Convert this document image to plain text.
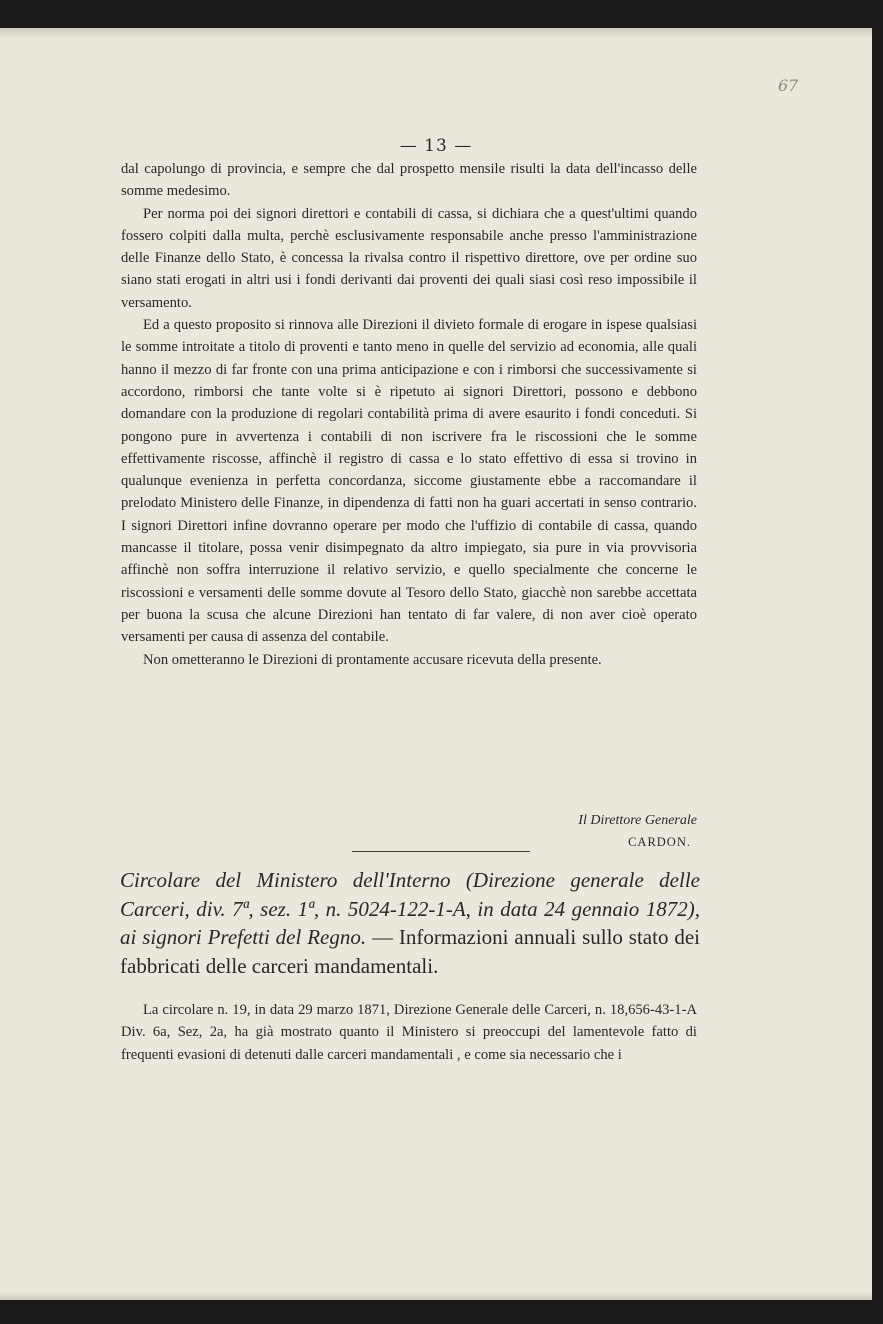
67
— 13 —

dal capolungo di provincia, e sempre che dal prospetto mensile risulti la data dell'incasso delle somme medesimo.

Per norma poi dei signori direttori e contabili di cassa, si dichiara che a quest'ultimi quando fossero colpiti dalla multa, perchè esclusivamente responsabile anche presso l'amministrazione delle Finanze dello Stato, è concessa la rivalsa contro il rispettivo direttore, ove per ordine suo siano stati erogati in altri usi i fondi derivanti dai proventi dei quali siasi così reso impossibile il versamento.

Ed a questo proposito si rinnova alle Direzioni il divieto formale di erogare in ispese qualsiasi le somme introitate a titolo di proventi e tanto meno in quelle del servizio ad economia, alle quali hanno il mezzo di far fronte con una prima anticipazione e con i rimborsi che successivamente si accordono, rimborsi che tante volte si è ripetuto ai signori Direttori, possono e debbono domandare con la produzione di regolari contabilità prima di avere esaurito i fondi conceduti. Si pongono pure in avvertenza i contabili di non iscrivere fra le riscossioni che le somme effettivamente riscosse, affinchè il registro di cassa e lo stato effettivo di essa si trovino in qualunque evenienza in perfetta concordanza, siccome giustamente ebbe a raccomandare il prelodato Ministero delle Finanze, in dipendenza di fatti non ha guari accertati in senso contrario. I signori Direttori infine dovranno operare per modo che l'uffizio di contabile di cassa, quando mancasse il titolare, possa venir disimpegnato da altro impiegato, sia pure in via provvisoria affinchè non soffra interruzione il relativo servizio, e quello specialmente che concerne le riscossioni e versamenti delle somme dovute al Tesoro dello Stato, giacchè non sarebbe accettata per buona la scusa che alcune Direzioni han tentato di far valere, di non aver cioè operato versamenti per causa di assenza del contabile.

Non ometteranno le Direzioni di prontamente accusare ricevuta della presente.

Il Direttore Generale
CARDON.
Circolare del Ministero dell'Interno (Direzione generale delle Carceri, div. 7ª, sez. 1ª, n. 5024-122-1-A, in data 24 gennaio 1872), ai signori Prefetti del Regno. — Informazioni annuali sullo stato dei fabbricati delle carceri mandamentali.

La circolare n. 19, in data 29 marzo 1871, Direzione Generale delle Carceri, n. 18,656-43-1-A Div. 6a, Sez, 2a, ha già mostrato quanto il Ministero si preoccupi del lamentevole fatto di frequenti evasioni di detenuti dalle carceri mandamentali , e come sia necessario che i
